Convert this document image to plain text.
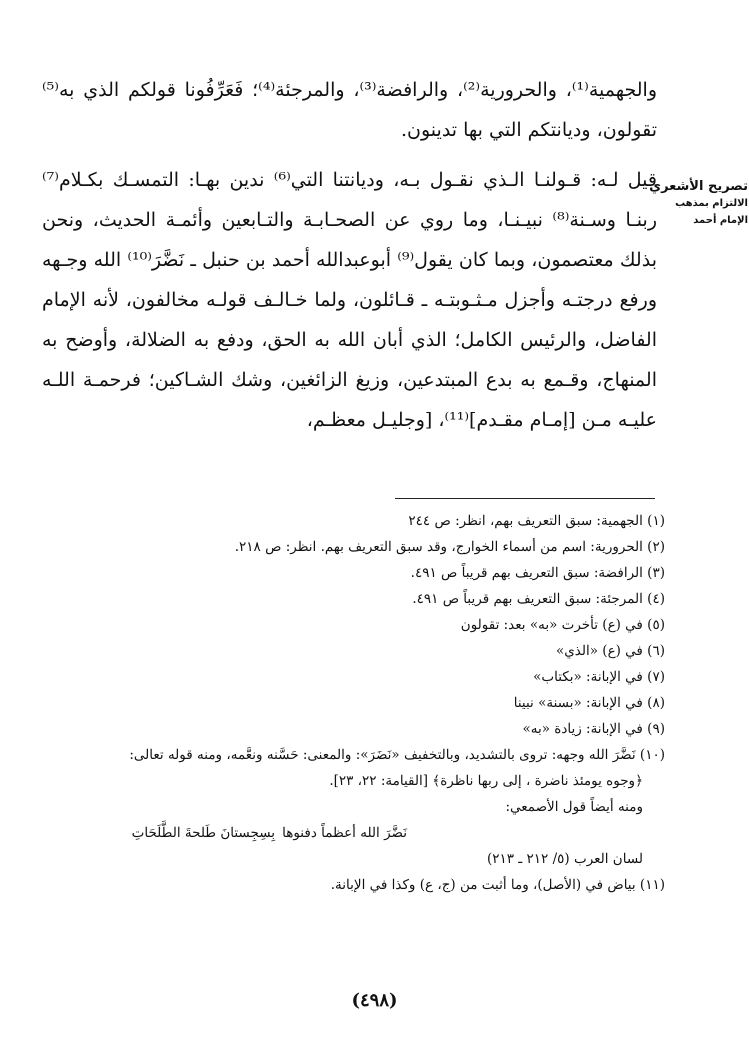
تصريح الأشعري
الالتزام بمذهب
الإمام أحمد

والجهمية⁽¹⁾، والحرورية⁽²⁾، والرافضة⁽³⁾، والمرجئة⁽⁴⁾؛ فَعَرِّفُونا قولكم الذي به⁽⁵⁾ تقولون، وديانتكم التي بها تدينون.

قيل لـه: قـولنـا الـذي نقـول بـه، وديانتنا التي⁽⁶⁾ ندين بهـا: التمسـك بكـلام⁽⁷⁾ ربنـا وسـنة⁽⁸⁾ نبيـنـا، وما روي عن الصحـابـة والتـابعين وأئمـة الحديث، ونحن بذلك معتصمون، وبما كان يقول⁽⁹⁾ أبوعبدالله أحمد بن حنبل ـ نَضَّرَ⁽¹⁰⁾ الله وجـهه ورفع درجتـه وأجزل مـثـوبتـه ـ قـائلون، ولما خـالـف قولـه مخالفون، لأنه الإمام الفاضل، والرئيس الكامل؛ الذي أبان الله به الحق، ودفع به الضلالة، وأوضح به المنهاج، وقـمع به بدع المبتدعين، وزيغ الزائغين، وشك الشـاكين؛ فرحمـة اللـه عليـه مـن [إمـام مقـدم]⁽¹¹⁾، [وجليـل معظـم،

(١) الجهمية: سبق التعريف بهم، انظر: ص ٢٤٤
(٢) الحرورية: اسم من أسماء الخوارج، وقد سبق التعريف بهم. انظر: ص ٢١٨.
(٣) الرافضة: سبق التعريف بهم قريباً ص ٤٩١.
(٤) المرجئة: سبق التعريف بهم قريباً ص ٤٩١.
(٥) في (ع) تأخرت «به» بعد: تقولون
(٦) في (ع) «الذي»
(٧) في الإبانة: «بكتاب»
(٨) في الإبانة: «بسنة» نبينا
(٩) في الإبانة: زيادة «به»
(١٠) نَضَّرَ الله وجهه: تروى بالتشديد، وبالتخفيف «نَضَرَ»: والمعنى: حَسَّنه ونعَّمه، ومنه قوله تعالى:
﴿وجوه يومئذ ناضرة ، إلى ربها ناظرة﴾ [القيامة: ٢٢، ٢٣].
ومنه أيضاً قول الأصمعي:
نَضَّرَ الله أعظماً دفنوها
بِسِجِستانَ طَلحةَ الطَّلَحَاتِ
لسان العرب (٥/ ٢١٢ ـ ٢١٣)
(١١) بياض في (الأصل)، وما أثبت من (ج، ع) وكذا في الإبانة.
(٤٩٨)
